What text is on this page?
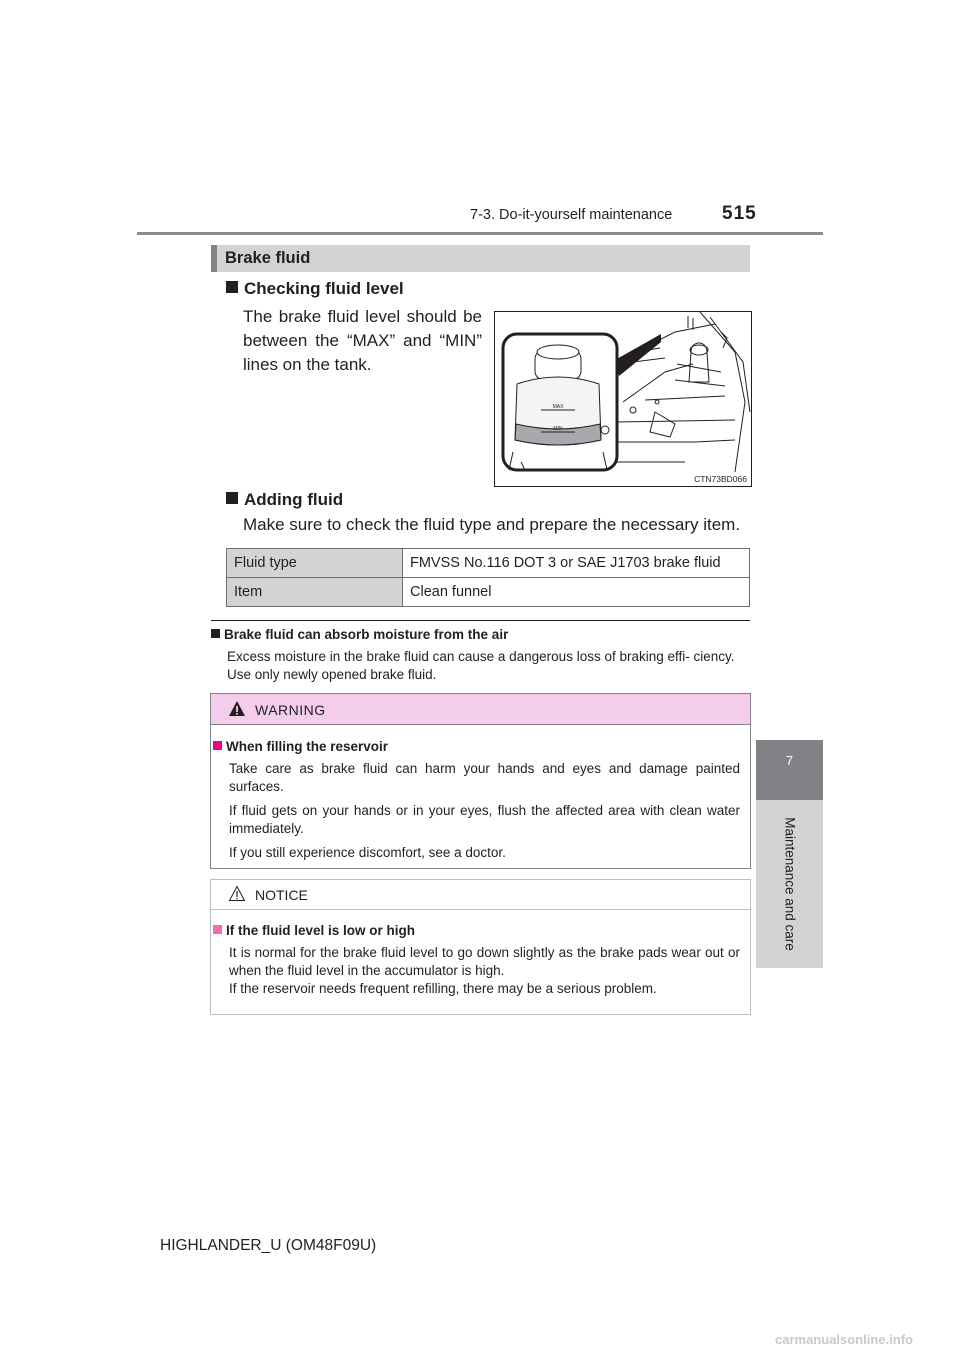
7-3. Do-it-yourself maintenance	515
7
Maintenance and care
Brake fluid
Checking fluid level
The brake fluid level should be between the “MAX” and “MIN” lines on the tank.
MAX
MIN
CTN73BD066
Adding fluid
Make sure to check the fluid type and prepare the necessary item.
Fluid type	FMVSS No.116 DOT 3 or SAE J1703 brake fluid
Item	Clean funnel
Brake fluid can absorb moisture from the air
Excess moisture in the brake fluid can cause a dangerous loss of braking effi- ciency. Use only newly opened brake fluid.
WARNING
When filling the reservoir

Take care as brake fluid can harm your hands and eyes and damage painted surfaces.

If fluid gets on your hands or in your eyes, flush the affected area with clean water immediately.

If you still experience discomfort, see a doctor.

NOTICE
If the fluid level is low or high
It is normal for the brake fluid level to go down slightly as the brake pads wear out or when the fluid level in the accumulator is high.
If the reservoir needs frequent refilling, there may be a serious problem.
HIGHLANDER_U (OM48F09U)
carmanualsonline.info
